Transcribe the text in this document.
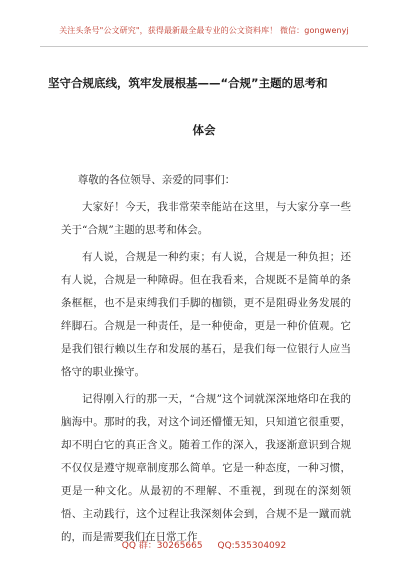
关注头条号"公文研究"，获得最新最全最专业的公文资料库！ 微信：gongwenyj
坚守合规底线，筑牢发展根基——“合规”主题的思考和
体会

尊敬的各位领导、亲爱的同事们：

大家好！今天，我非常荣幸能站在这里，与大家分享一些关于“合规”主题的思考和体会。

有人说，合规是一种约束；有人说，合规是一种负担；还有人说，合规是一种障碍。但在我看来，合规既不是简单的条条框框，也不是束缚我们手脚的枷锁，更不是阻碍业务发展的绊脚石。合规是一种责任，是一种使命，更是一种价值观。它是我们银行赖以生存和发展的基石，是我们每一位银行人应当恪守的职业操守。

记得刚入行的那一天，“合规”这个词就深深地烙印在我的脑海中。那时的我，对这个词还懵懂无知，只知道它很重要，却不明白它的真正含义。随着工作的深入，我逐渐意识到合规不仅仅是遵守规章制度那么简单。它是一种态度，一种习惯，更是一种文化。从最初的不理解、不重视，到现在的深刻领悟、主动践行，这个过程让我深刻体会到，合规不是一蹴而就的，而是需要我们在日常工作

QQ 群：30265665 QQ:535304092
